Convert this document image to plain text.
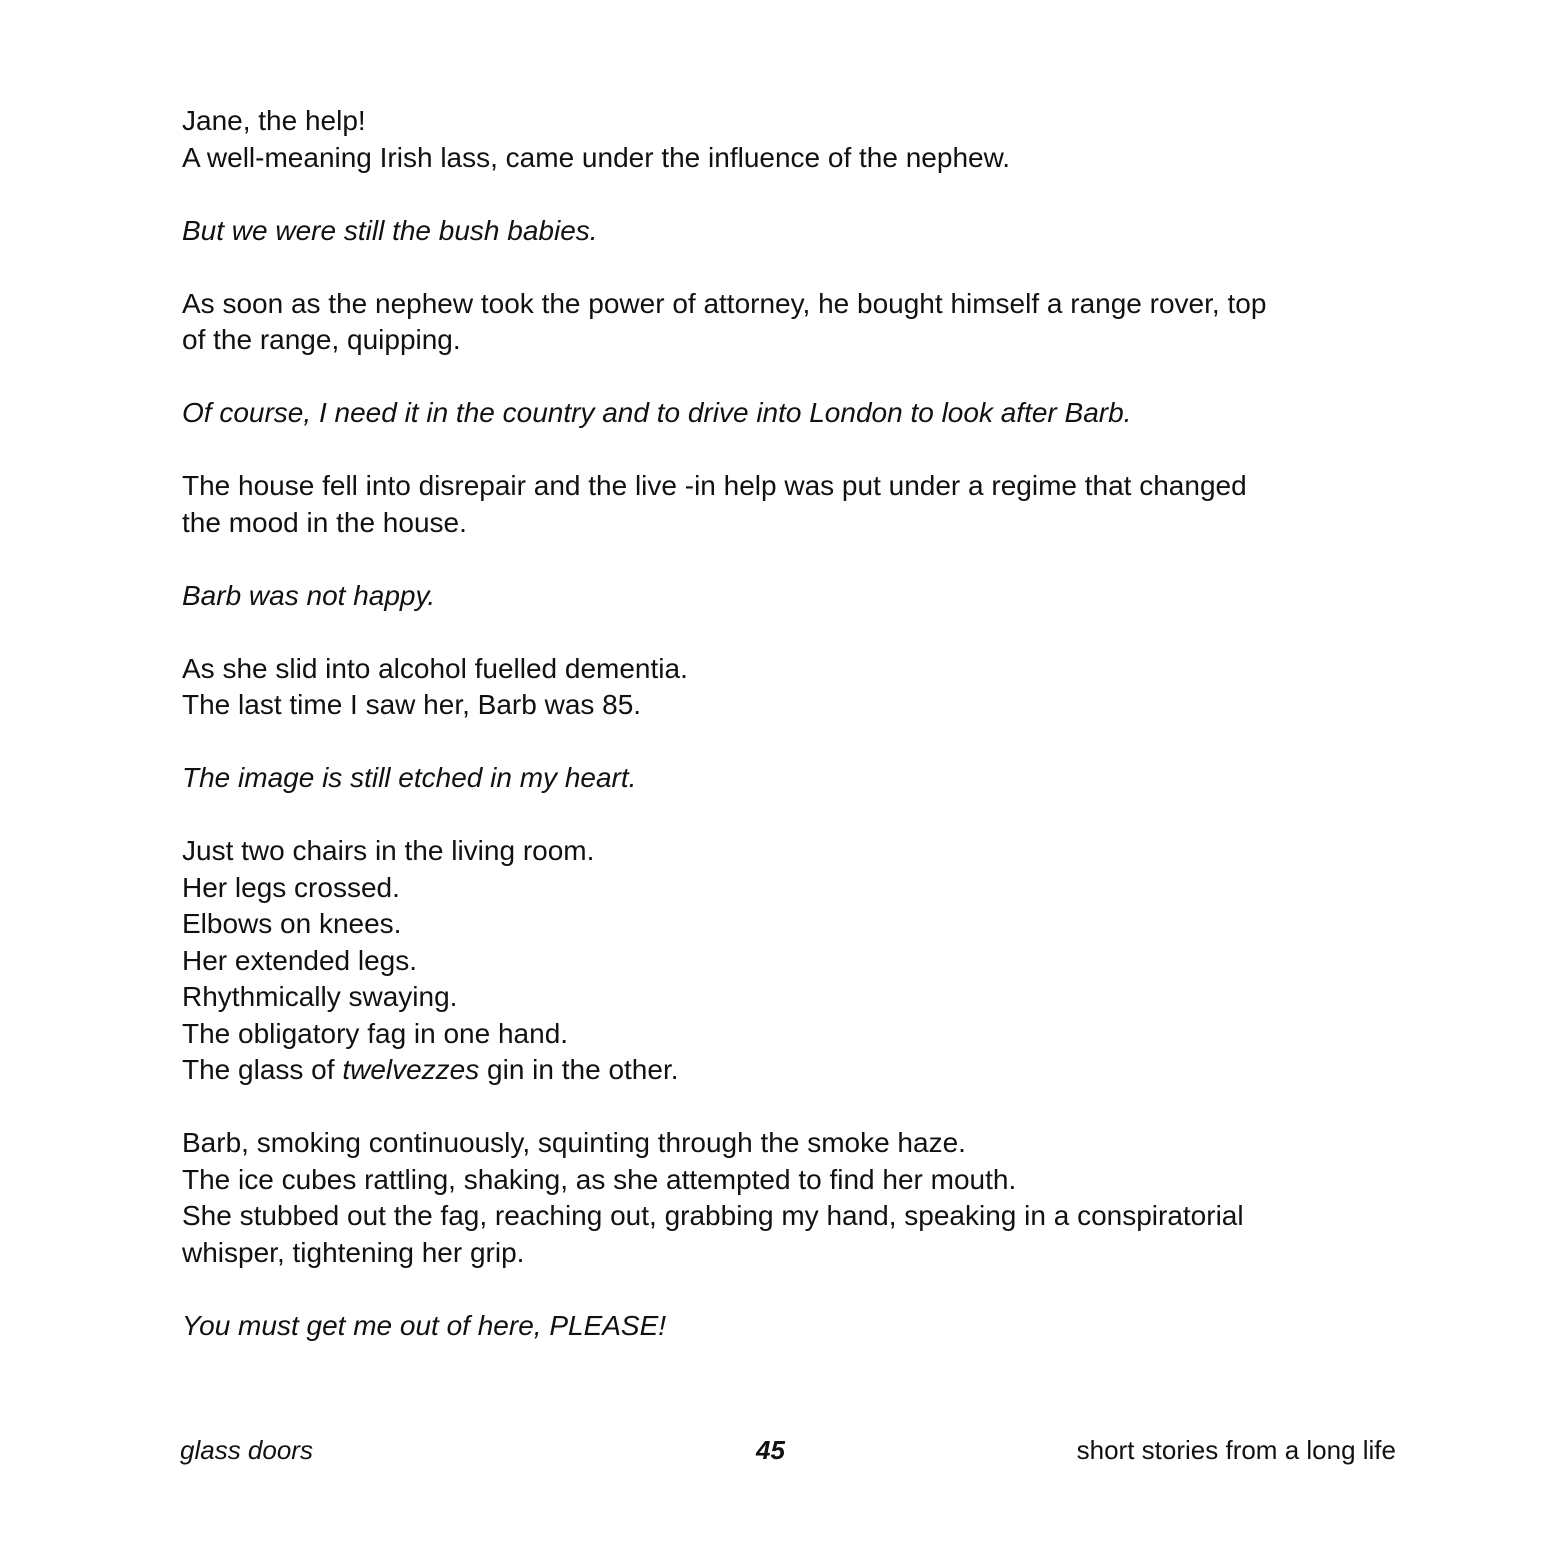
Jane, the help!
A well-meaning Irish lass, came under the influence of the nephew.

But we were still the bush babies.

As soon as the nephew took the power of attorney, he bought himself a range rover, top
of the range, quipping.

Of course, I need it in the country and to drive into London to look after Barb.

The house fell into disrepair and the live -in help was put under a regime that changed
the mood in the house.

Barb was not happy.

As she slid into alcohol fuelled dementia.
The last time I saw her, Barb was 85.

The image is still etched in my heart.

Just two chairs in the living room.
Her legs crossed.
Elbows on knees.
Her extended legs.
Rhythmically swaying.
The obligatory fag in one hand.
The glass of twelvezzes gin in the other.

Barb, smoking continuously, squinting through the smoke haze.
The ice cubes rattling, shaking, as she attempted to find her mouth.
She stubbed out the fag, reaching out, grabbing my hand, speaking in a conspiratorial
whisper, tightening her grip.

You must get me out of here, PLEASE!

glass doors	45	short stories from a long life
